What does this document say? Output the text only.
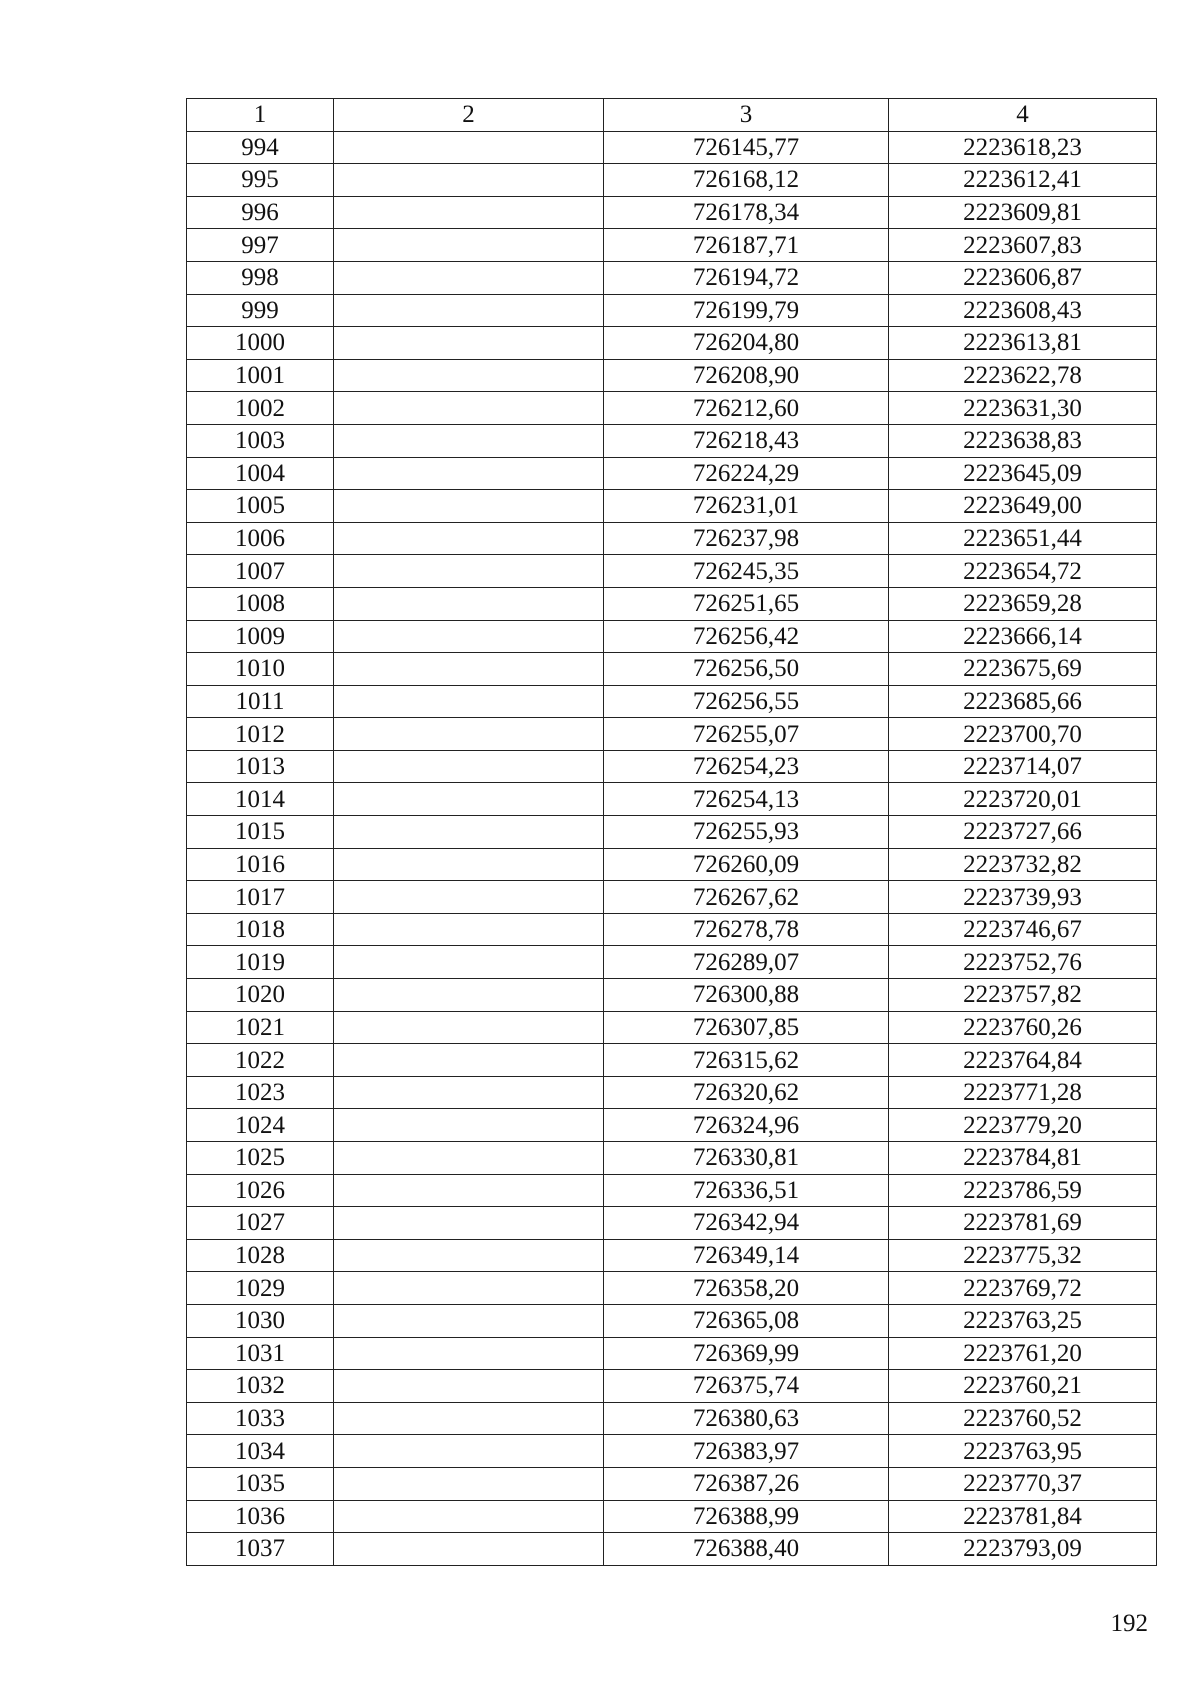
1	2	3	4
994		726145,77	2223618,23
995		726168,12	2223612,41
996		726178,34	2223609,81
997		726187,71	2223607,83
998		726194,72	2223606,87
999		726199,79	2223608,43
1000		726204,80	2223613,81
1001		726208,90	2223622,78
1002		726212,60	2223631,30
1003		726218,43	2223638,83
1004		726224,29	2223645,09
1005		726231,01	2223649,00
1006		726237,98	2223651,44
1007		726245,35	2223654,72
1008		726251,65	2223659,28
1009		726256,42	2223666,14
1010		726256,50	2223675,69
1011		726256,55	2223685,66
1012		726255,07	2223700,70
1013		726254,23	2223714,07
1014		726254,13	2223720,01
1015		726255,93	2223727,66
1016		726260,09	2223732,82
1017		726267,62	2223739,93
1018		726278,78	2223746,67
1019		726289,07	2223752,76
1020		726300,88	2223757,82
1021		726307,85	2223760,26
1022		726315,62	2223764,84
1023		726320,62	2223771,28
1024		726324,96	2223779,20
1025		726330,81	2223784,81
1026		726336,51	2223786,59
1027		726342,94	2223781,69
1028		726349,14	2223775,32
1029		726358,20	2223769,72
1030		726365,08	2223763,25
1031		726369,99	2223761,20
1032		726375,74	2223760,21
1033		726380,63	2223760,52
1034		726383,97	2223763,95
1035		726387,26	2223770,37
1036		726388,99	2223781,84
1037		726388,40	2223793,09
192
